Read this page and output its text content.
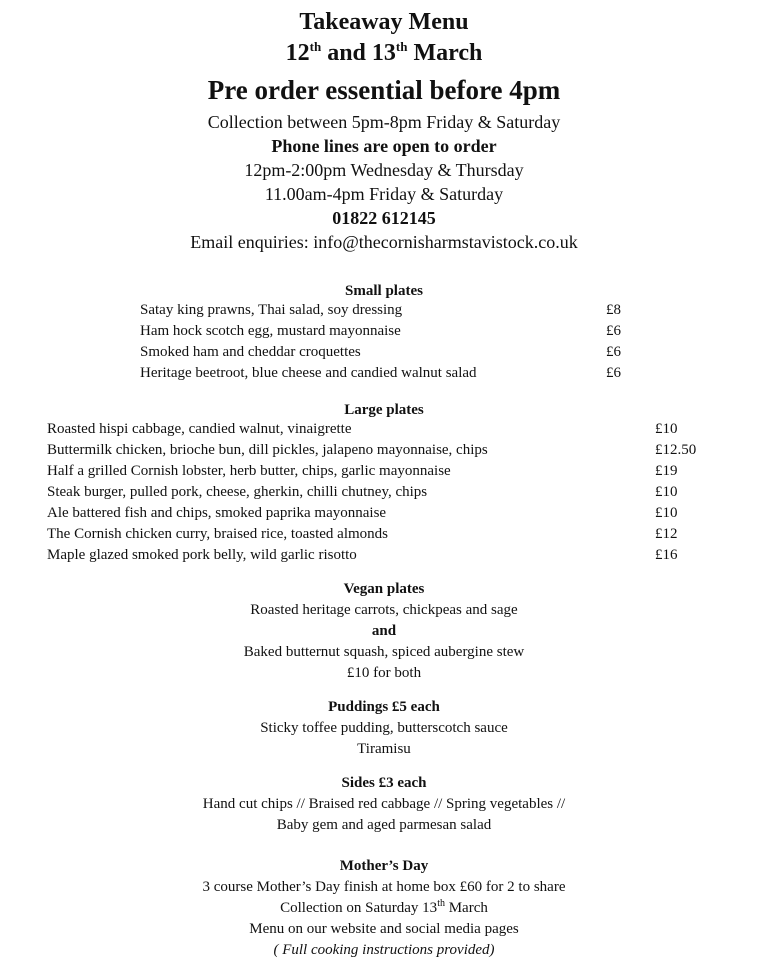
Takeaway Menu
12th and 13th March
Pre order essential before 4pm
Collection between 5pm-8pm Friday & Saturday
Phone lines are open to order
12pm-2:00pm Wednesday & Thursday
11.00am-4pm Friday & Saturday
01822 612145
Email enquiries: info@thecornisharmstavistock.co.uk
Small plates
Satay king prawns, Thai salad, soy dressing	£8
Ham hock scotch egg, mustard mayonnaise	£6
Smoked ham and cheddar croquettes	£6
Heritage beetroot, blue cheese and candied walnut salad	£6
Large plates
Roasted hispi cabbage, candied walnut, vinaigrette	£10
Buttermilk chicken, brioche bun, dill pickles, jalapeno mayonnaise, chips	£12.50
Half a grilled Cornish lobster, herb butter, chips, garlic mayonnaise	£19
Steak burger, pulled pork, cheese, gherkin, chilli chutney, chips	£10
Ale battered fish and chips, smoked paprika mayonnaise	£10
The Cornish chicken curry, braised rice, toasted almonds	£12
Maple glazed smoked pork belly, wild garlic risotto	£16
Vegan plates
Roasted heritage carrots, chickpeas and sage
and
Baked butternut squash, spiced aubergine stew
£10 for both
Puddings £5 each
Sticky toffee pudding, butterscotch sauce
Tiramisu
Sides £3 each
Hand cut chips // Braised red cabbage // Spring vegetables //
Baby gem and aged parmesan salad
Mother’s Day
3 course Mother’s Day finish at home box £60 for 2 to share
Collection on Saturday 13th March
Menu on our website and social media pages
( Full cooking instructions provided)
